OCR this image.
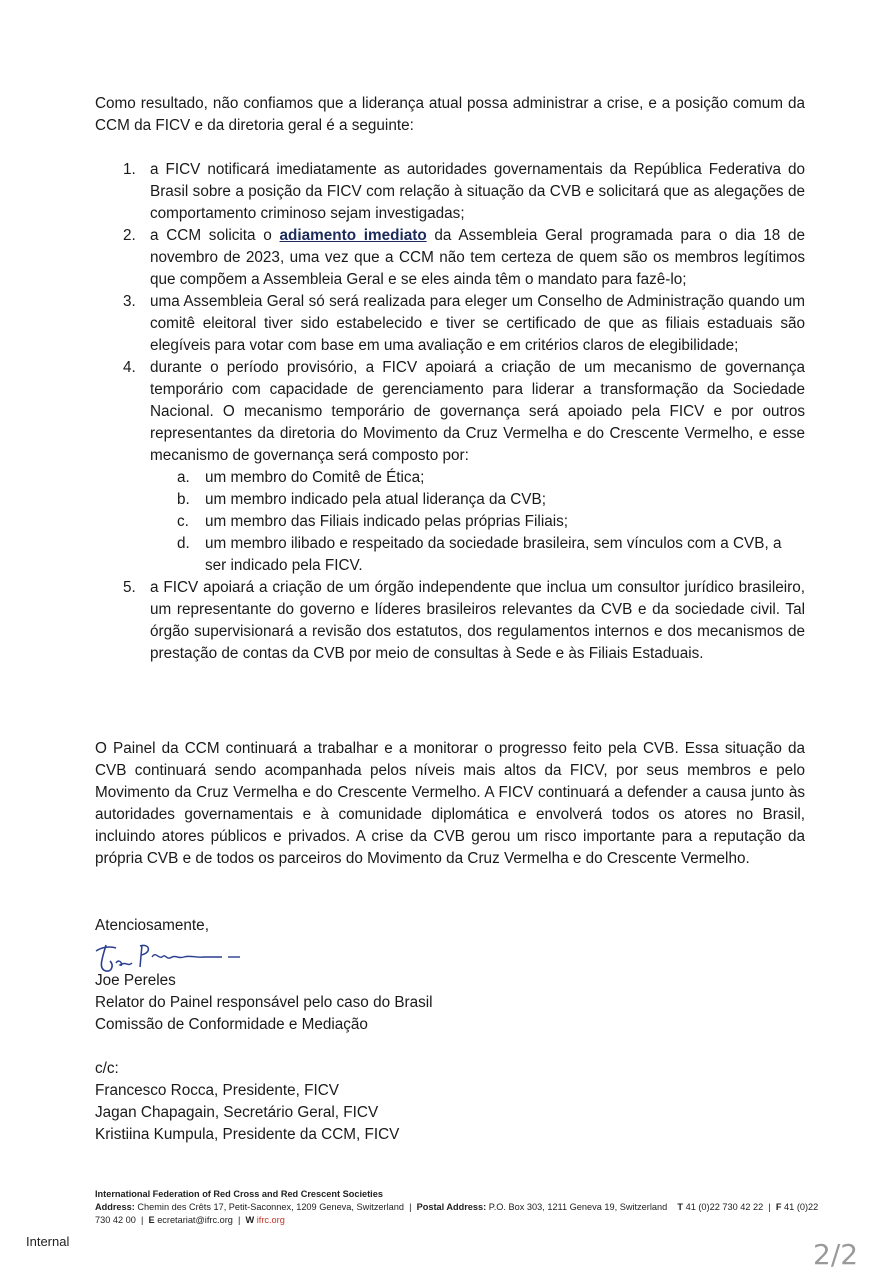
Como resultado, não confiamos que a liderança atual possa administrar a crise, e a posição comum da CCM da FICV e da diretoria geral é a seguinte:

1. a FICV notificará imediatamente as autoridades governamentais da República Federativa do Brasil sobre a posição da FICV com relação à situação da CVB e solicitará que as alegações de comportamento criminoso sejam investigadas;
2. a CCM solicita o adiamento imediato da Assembleia Geral programada para o dia 18 de novembro de 2023, uma vez que a CCM não tem certeza de quem são os membros legítimos que compõem a Assembleia Geral e se eles ainda têm o mandato para fazê-lo;
3. uma Assembleia Geral só será realizada para eleger um Conselho de Administração quando um comitê eleitoral tiver sido estabelecido e tiver se certificado de que as filiais estaduais são elegíveis para votar com base em uma avaliação e em critérios claros de elegibilidade;
4. durante o período provisório, a FICV apoiará a criação de um mecanismo de governança temporário com capacidade de gerenciamento para liderar a transformação da Sociedade Nacional. O mecanismo temporário de governança será apoiado pela FICV e por outros representantes da diretoria do Movimento da Cruz Vermelha e do Crescente Vermelho, e esse mecanismo de governança será composto por:
a. um membro do Comitê de Ética;
b. um membro indicado pela atual liderança da CVB;
c. um membro das Filiais indicado pelas próprias Filiais;
d. um membro ilibado e respeitado da sociedade brasileira, sem vínculos com a CVB, a ser indicado pela FICV.
5. a FICV apoiará a criação de um órgão independente que inclua um consultor jurídico brasileiro, um representante do governo e líderes brasileiros relevantes da CVB e da sociedade civil. Tal órgão supervisionará a revisão dos estatutos, dos regulamentos internos e dos mecanismos de prestação de contas da CVB por meio de consultas à Sede e às Filiais Estaduais.

O Painel da CCM continuará a trabalhar e a monitorar o progresso feito pela CVB. Essa situação da CVB continuará sendo acompanhada pelos níveis mais altos da FICV, por seus membros e pelo Movimento da Cruz Vermelha e do Crescente Vermelho. A FICV continuará a defender a causa junto às autoridades governamentais e à comunidade diplomática e envolverá todos os atores no Brasil, incluindo atores públicos e privados. A crise da CVB gerou um risco importante para a reputação da própria CVB e de todos os parceiros do Movimento da Cruz Vermelha e do Crescente Vermelho.

Atenciosamente,
Joe Pereles
Relator do Painel responsável pelo caso do Brasil
Comissão de Conformidade e Mediação
c/c:
Francesco Rocca, Presidente, FICV
Jagan Chapagain, Secretário Geral, FICV
Kristiina Kumpula, Presidente da CCM, FICV
International Federation of Red Cross and Red Crescent Societies
Address: Chemin des Crêts 17, Petit-Saconnex, 1209 Geneva, Switzerland | Postal Address: P.O. Box 303, 1211 Geneva 19, Switzerland T 41 (0)22 730 42 22 | F 41 (0)22 730 42 00 | E ecretariat@ifrc.org | W ifrc.org
Internal	2/2
